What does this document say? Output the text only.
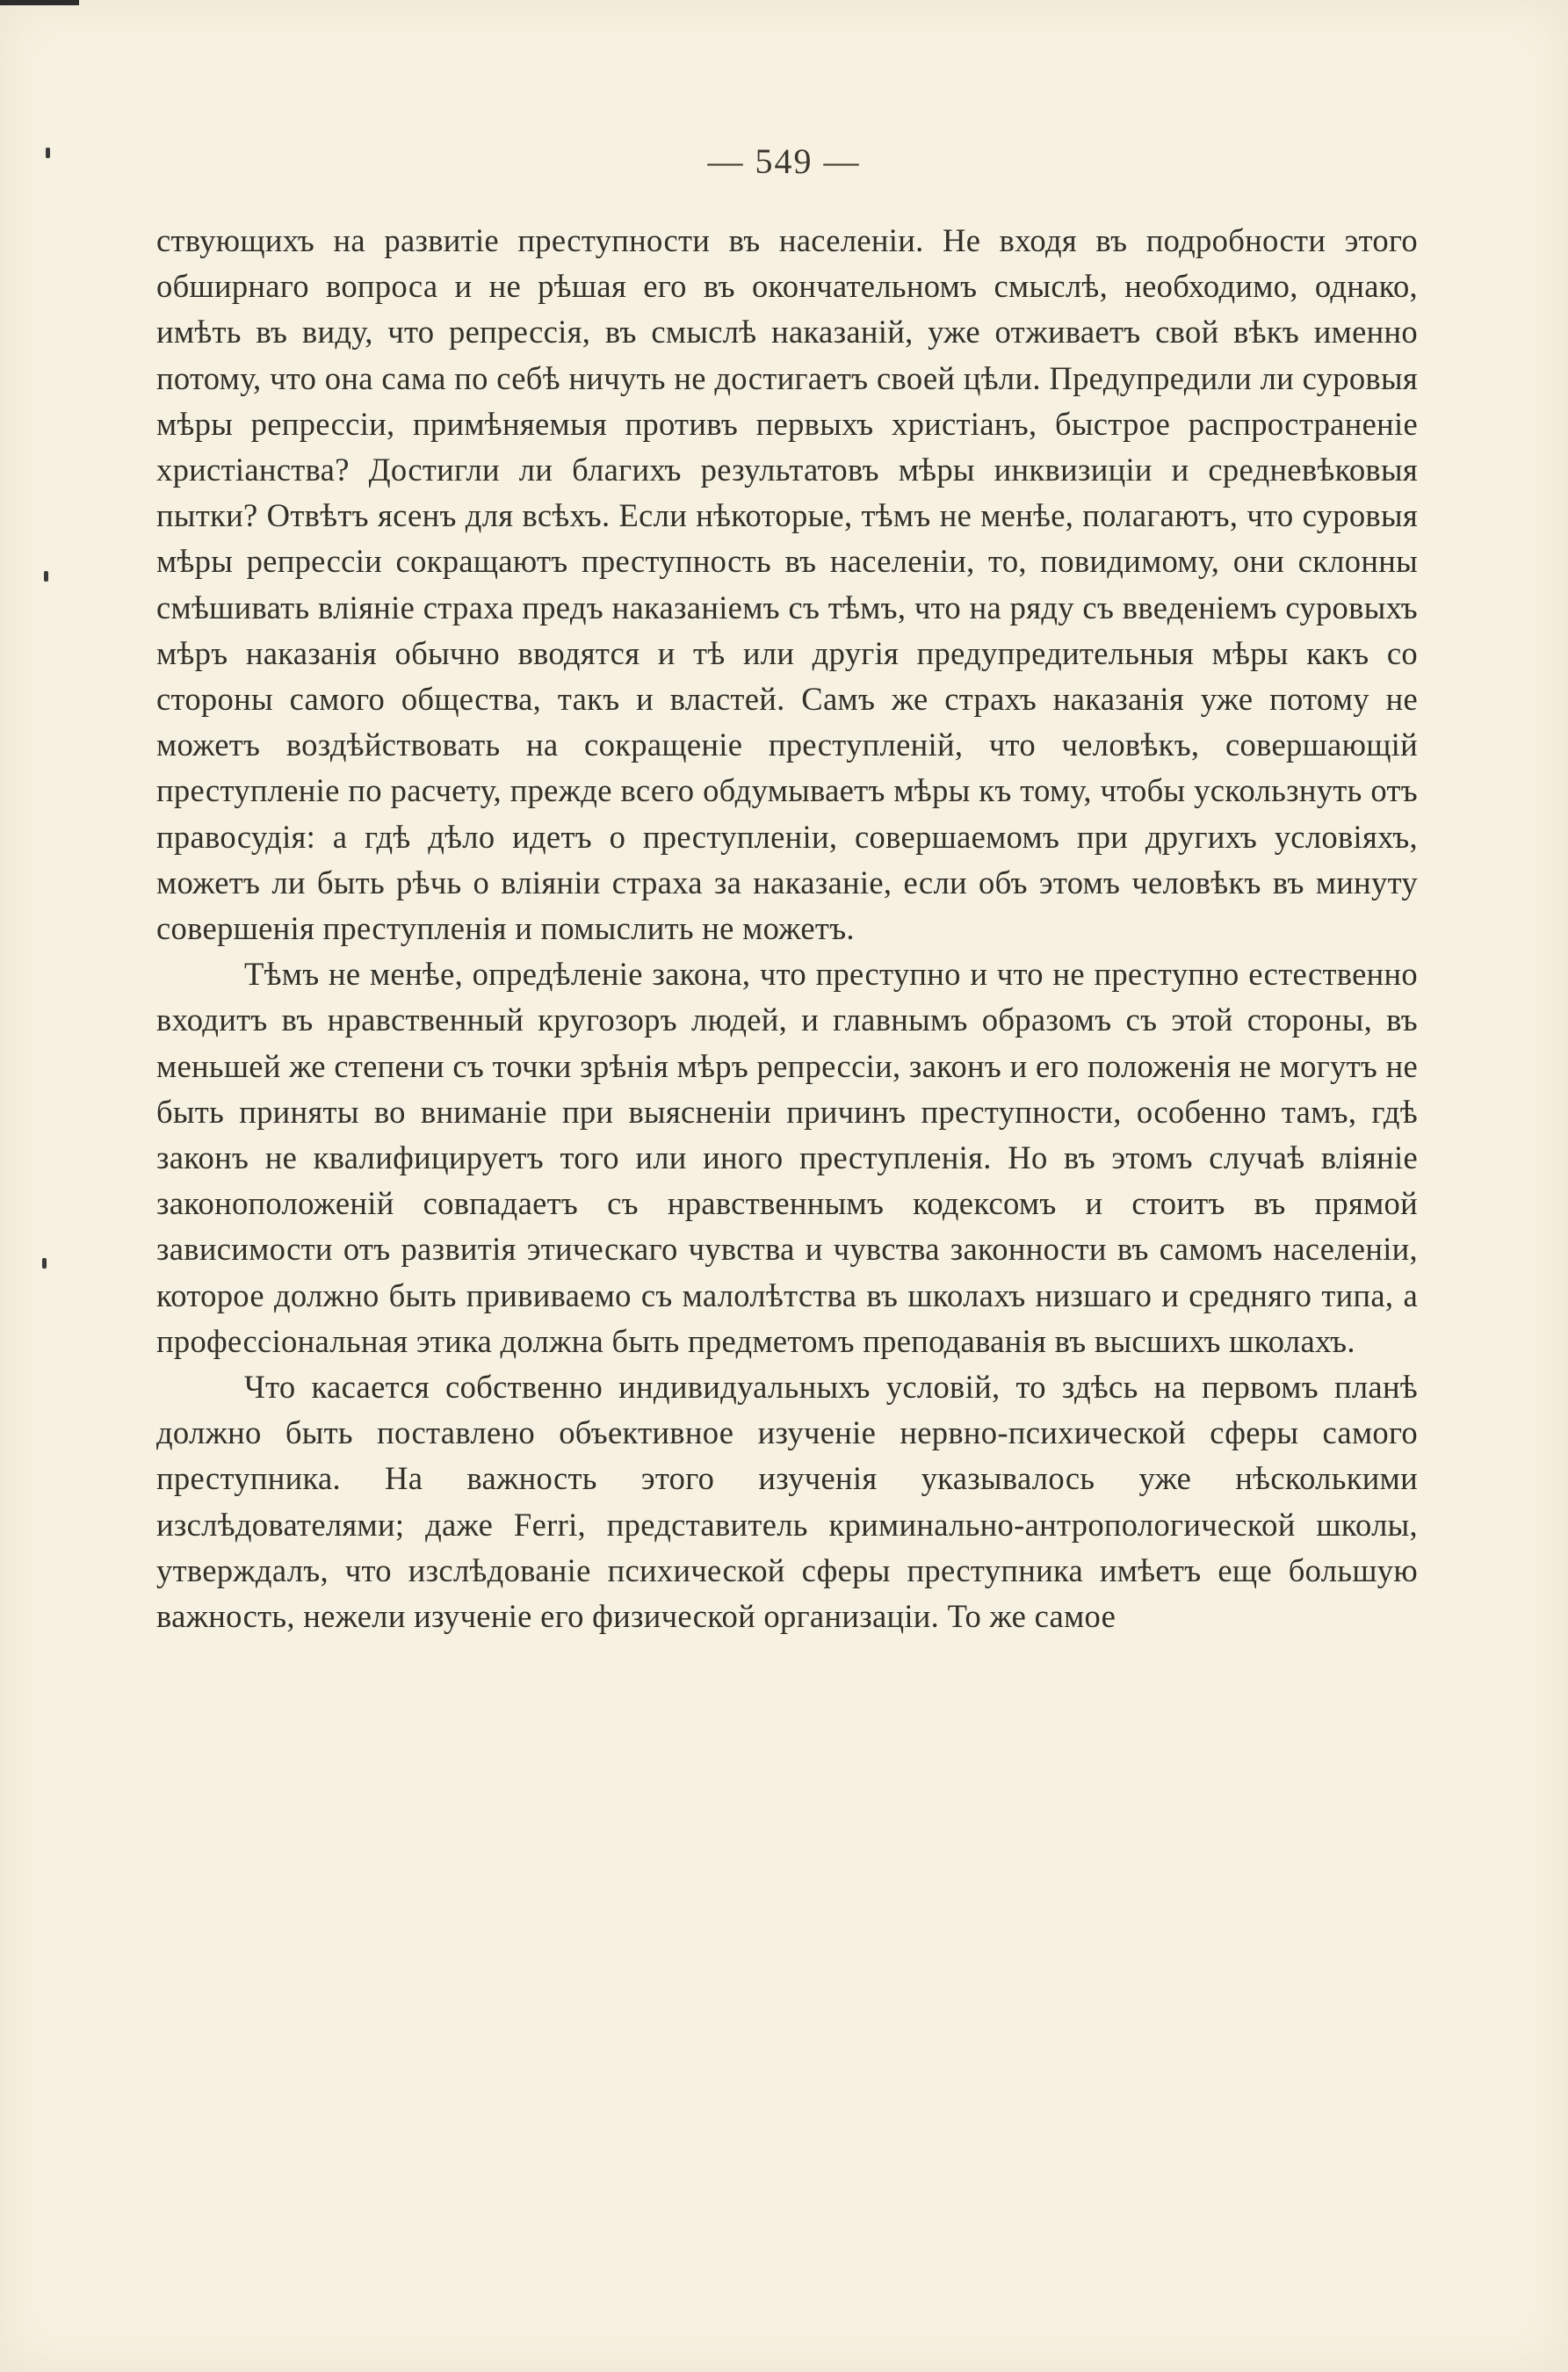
— 549 —

ствующихъ на развитіе преступности въ населеніи. Не входя въ подробности этого обширнаго вопроса и не рѣшая его въ окончательномъ смыслѣ, необходимо, однако, имѣть въ виду, что репрессія, въ смыслѣ наказаній, уже отживаетъ свой вѣкъ именно потому, что она сама по себѣ ничуть не достигаетъ своей цѣли. Предупредили ли суровыя мѣры репрессіи, примѣняемыя противъ первыхъ христіанъ, быстрое распространеніе христіанства? Достигли ли благихъ результатовъ мѣры инквизиціи и средневѣковыя пытки? Отвѣтъ ясенъ для всѣхъ. Если нѣкоторые, тѣмъ не менѣе, полагаютъ, что суровыя мѣры репрессіи сокращаютъ преступность въ населеніи, то, повидимому, они склонны смѣшивать вліяніе страха предъ наказаніемъ съ тѣмъ, что на ряду съ введеніемъ суровыхъ мѣръ наказанія обычно вводятся и тѣ или другія предупредительныя мѣры какъ со стороны самого общества, такъ и властей. Самъ же страхъ наказанія уже потому не можетъ воздѣйствовать на сокращеніе преступленій, что человѣкъ, совершающій преступленіе по расчету, прежде всего обдумываетъ мѣры къ тому, чтобы ускользнуть отъ правосудія: а гдѣ дѣло идетъ о преступленіи, совершаемомъ при другихъ условіяхъ, можетъ ли быть рѣчь о вліяніи страха за наказаніе, если объ этомъ человѣкъ въ минуту совершенія преступленія и помыслить не можетъ.

Тѣмъ не менѣе, опредѣленіе закона, что преступно и что не преступно естественно входитъ въ нравственный кругозоръ людей, и главнымъ образомъ съ этой стороны, въ меньшей же степени съ точки зрѣнія мѣръ репрессіи, законъ и его положенія не могутъ не быть приняты во вниманіе при выясненіи причинъ преступности, особенно тамъ, гдѣ законъ не квалифицируетъ того или иного преступленія. Но въ этомъ случаѣ вліяніе законоположеній совпадаетъ съ нравственнымъ кодексомъ и стоитъ въ прямой зависимости отъ развитія этическаго чувства и чувства законности въ самомъ населеніи, которое должно быть прививаемо съ малолѣтства въ школахъ низшаго и средняго типа, а профессіональная этика должна быть предметомъ преподаванія въ высшихъ школахъ.

Что касается собственно индивидуальныхъ условій, то здѣсь на первомъ планѣ должно быть поставлено объективное изученіе нервно-психической сферы самого преступника. На важность этого изученія указывалось уже нѣсколькими изслѣдователями; даже Ferri, представитель криминально-антропологической школы, утверждалъ, что изслѣдованіе психической сферы преступника имѣетъ еще большую важность, нежели изученіе его физической организаціи. То же самое
